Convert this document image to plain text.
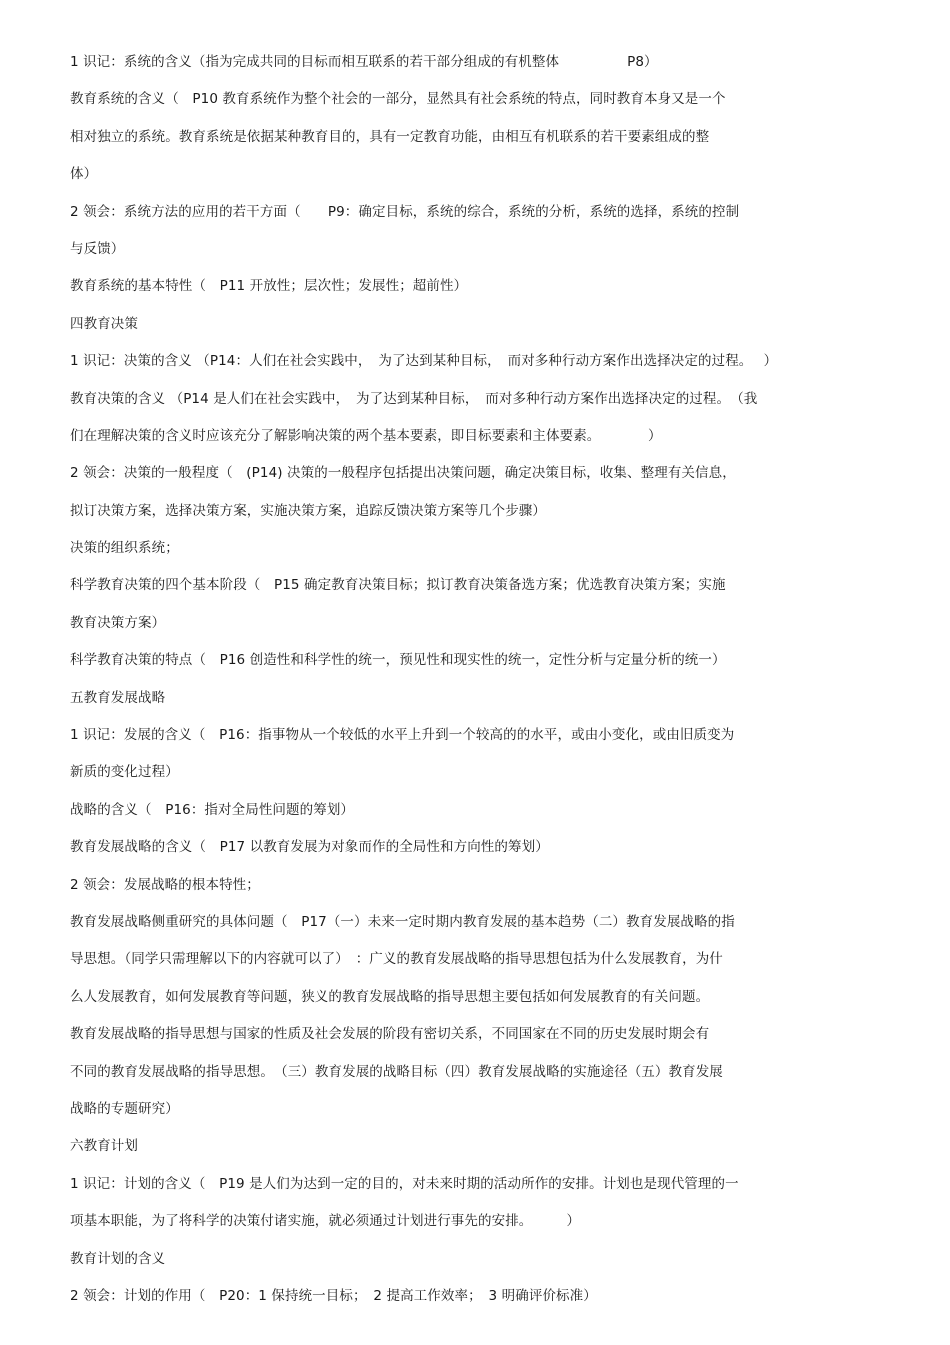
1 识记：系统的含义（指为完成共同的目标而相互联系的若干部分组成的有机整体　　　　　P8）
教育系统的含义（　P10 教育系统作为整个社会的一部分，显然具有社会系统的特点，同时教育本身又是一个
相对独立的系统。教育系统是依据某种教育目的，具有一定教育功能，由相互有机联系的若干要素组成的整
体）
2 领会：系统方法的应用的若干方面（　　P9：确定目标，系统的综合，系统的分析，系统的选择，系统的控制
与反馈）
教育系统的基本特性（　P11 开放性；层次性；发展性；超前性）
四教育决策
1 识记：决策的含义 （P14：人们在社会实践中，　为了达到某种目标，　而对多种行动方案作出选择决定的过程。　 ）
教育决策的含义 （P14 是人们在社会实践中，　为了达到某种目标，　而对多种行动方案作出选择决定的过程。　（我
们在理解决策的含义时应该充分了解影响决策的两个基本要素，即目标要素和主体要素。　　　　）
2 领会：决策的一般程度（　(P14) 决策的一般程序包括提出决策问题，确定决策目标，收集、整理有关信息，
拟订决策方案，选择决策方案，实施决策方案，追踪反馈决策方案等几个步骤）
决策的组织系统；
科学教育决策的四个基本阶段（　P15 确定教育决策目标；拟订教育决策备选方案；优选教育决策方案；实施
教育决策方案）
科学教育决策的特点（　P16 创造性和科学性的统一，预见性和现实性的统一，定性分析与定量分析的统一）
五教育发展战略
1 识记：发展的含义（　P16：指事物从一个较低的水平上升到一个较高的的水平，或由小变化，或由旧质变为
新质的变化过程）
战略的含义（　P16：指对全局性问题的筹划）
教育发展战略的含义（　P17 以教育发展为对象而作的全局性和方向性的筹划）
2 领会：发展战略的根本特性；
教育发展战略侧重研究的具体问题（　P17（一）未来一定时期内教育发展的基本趋势（二）教育发展战略的指
导思想。（同学只需理解以下的内容就可以了）　：广义的教育发展战略的指导思想包括为什么发展教育，为什
么人发展教育，如何发展教育等问题，狭义的教育发展战略的指导思想主要包括如何发展教育的有关问题。
教育发展战略的指导思想与国家的性质及社会发展的阶段有密切关系，不同国家在不同的历史发展时期会有
不同的教育发展战略的指导思想。　（三）教育发展的战略目标（四）教育发展战略的实施途径（五）教育发展
战略的专题研究）
六教育计划
1 识记：计划的含义（　P19 是人们为达到一定的目的，对未来时期的活动所作的安排。计划也是现代管理的一
项基本职能，为了将科学的决策付诸实施，就必须通过计划进行事先的安排。　　　）
教育计划的含义
2 领会：计划的作用（　P20：1 保持统一目标；　2 提高工作效率；　3 明确评价标准）
